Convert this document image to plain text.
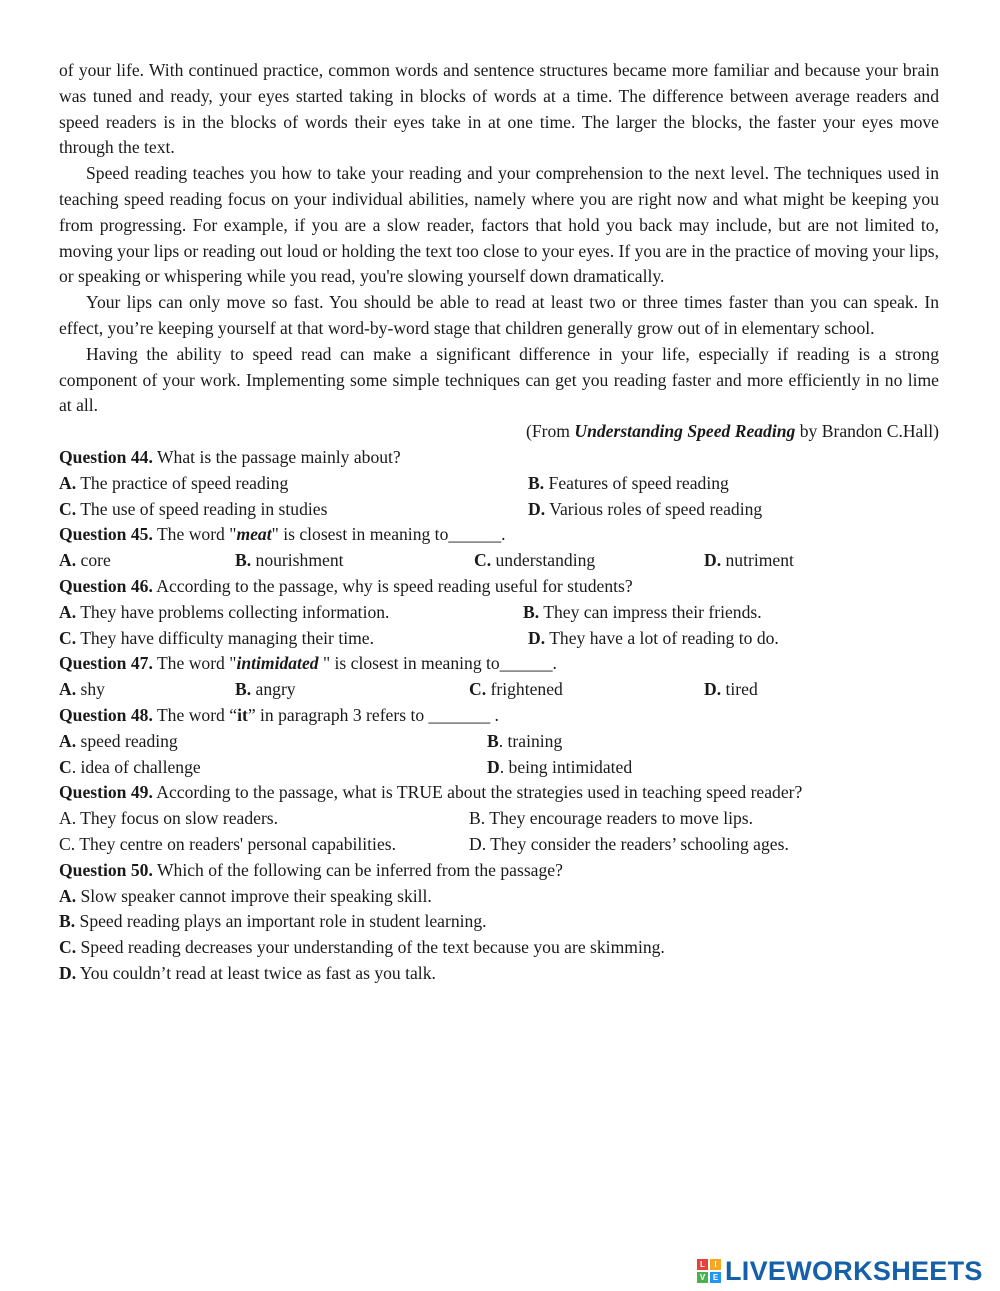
of your life. With continued practice, common words and sentence structures became more familiar and because your brain was tuned and ready, your eyes started taking in blocks of words at a time. The difference between average readers and speed readers is in the blocks of words their eyes take in at one time. The larger the blocks, the faster your eyes move through the text.

Speed reading teaches you how to take your reading and your comprehension to the next level. The techniques used in teaching speed reading focus on your individual abilities, namely where you are right now and what might be keeping you from progressing. For example, if you are a slow reader, factors that hold you back may include, but are not limited to, moving your lips or reading out loud or holding the text too close to your eyes. If you are in the practice of moving your lips, or speaking or whispering while you read, you're slowing yourself down dramatically.

Your lips can only move so fast. You should be able to read at least two or three times faster than you can speak. In effect, you’re keeping yourself at that word-by-word stage that children generally grow out of in elementary school.

Having the ability to speed read can make a significant difference in your life, especially if reading is a strong component of your work. Implementing some simple techniques can get you reading faster and more efficiently in no lime at all.

(From Understanding Speed Reading by Brandon C.Hall)

Question 44. What is the passage mainly about?

A. The practice of speed reading	B. Features of speed reading
C. The use of speed reading in studies	D. Various roles of speed reading

Question 45. The word "meat" is closest in meaning to______.

A. core	B. nourishment	C. understanding	D. nutriment

Question 46. According to the passage, why is speed reading useful for students?

A. They have problems collecting information.	B. They can impress their friends.
C. They have difficulty managing their time.	D. They have a lot of reading to do.

Question 47. The word "intimidated " is closest in meaning to______.

A. shy	B. angry	C. frightened	D. tired

Question 48. The word “it” in paragraph 3 refers to _______ .

A. speed reading	B. training
C. idea of challenge	D. being intimidated

Question 49. According to the passage, what is TRUE about the strategies used in teaching speed reader?

A. They focus on slow readers.	B. They encourage readers to move lips.
C. They centre on readers' personal capabilities.	D. They consider the readers’ schooling ages.

Question 50. Which of the following can be inferred from the passage?

A. Slow speaker cannot improve their speaking skill.

B. Speed reading plays an important role in student learning.

C. Speed reading decreases your understanding of the text because you are skimming.

D. You couldn’t read at least twice as fast as you talk.

L	I
V E LIVEWORKSHEETS
